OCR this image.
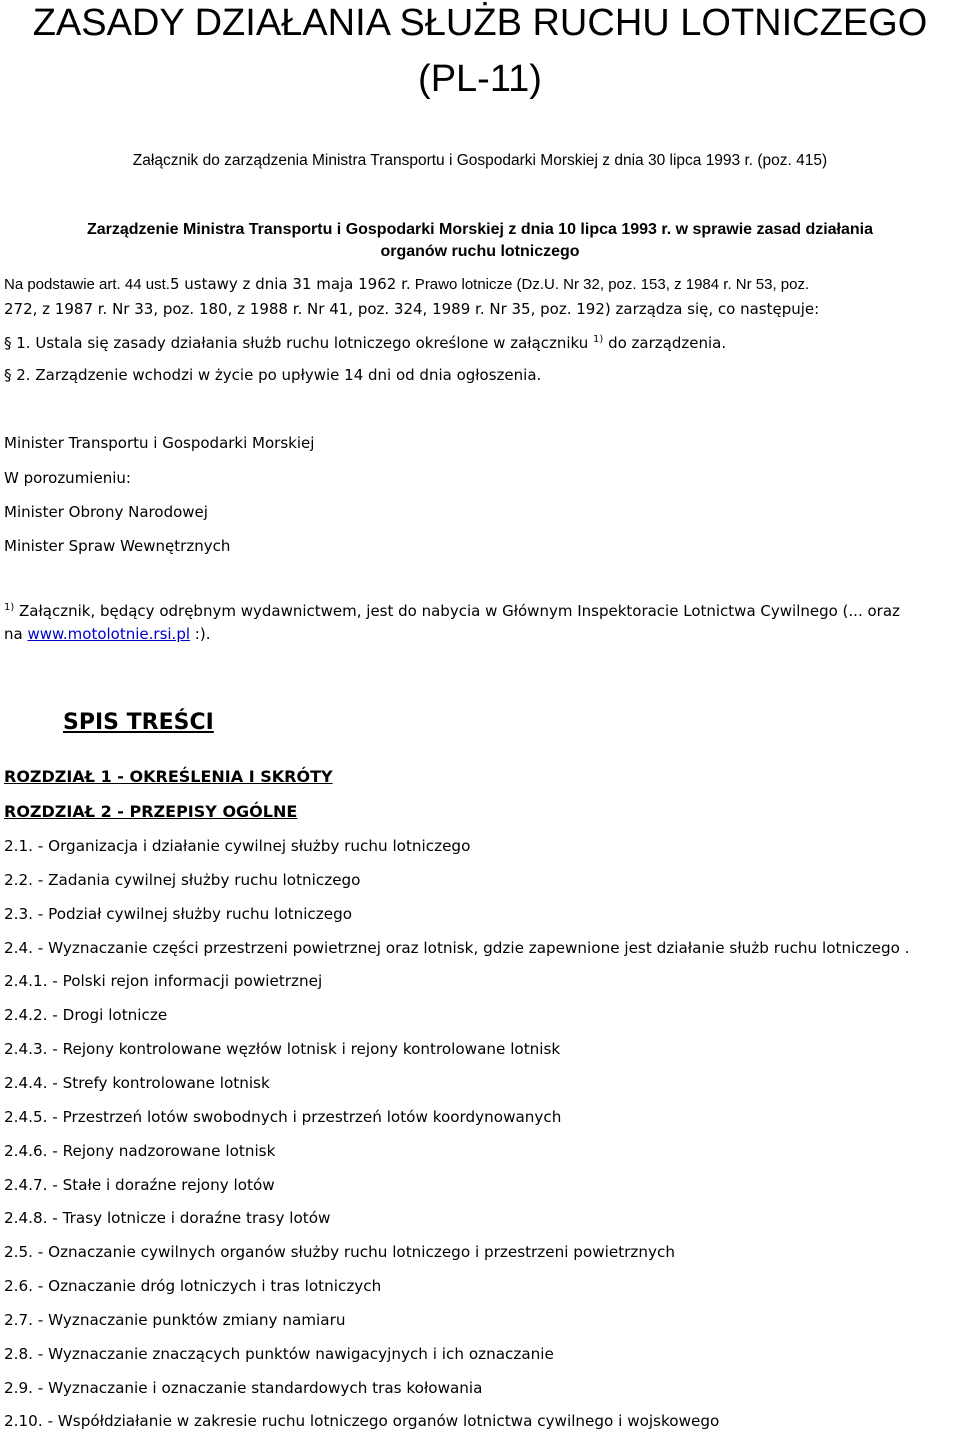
ZASADY DZIAŁANIA SŁUŻB RUCHU LOTNICZEGO
(PL-11)
Załącznik do zarządzenia Ministra Transportu i Gospodarki Morskiej z dnia 30 lipca 1993 r. (poz. 415)
Zarządzenie Ministra Transportu i Gospodarki Morskiej z dnia 10 lipca 1993 r. w sprawie zasad działania
organów ruchu lotniczego
Na podstawie art. 44 ust.5 ustawy z dnia 31 maja 1962 r. Prawo lotnicze (Dz.U. Nr 32, poz. 153, z 1984 r. Nr 53, poz.
272, z 1987 r. Nr 33, poz. 180, z 1988 r. Nr 41, poz. 324, 1989 r. Nr 35, poz. 192) zarządza się, co następuje:
§ 1. Ustala się zasady działania służb ruchu lotniczego określone w załączniku $^{1)}$ do zarządzenia.
§ 2. Zarządzenie wchodzi w życie po upływie 14 dni od dnia ogłoszenia.
Minister Transportu i Gospodarki Morskiej
W porozumieniu:
Minister Obrony Narodowej
Minister Spraw Wewnętrznych
$^{1)}$ Załącznik, będący odrębnym wydawnictwem, jest do nabycia w Głównym Inspektoracie Lotnictwa Cywilnego (... oraz
na www.motolotnie.rsi.pl :).
SPIS TREŚCI
ROZDZIAŁ 1 - OKREŚLENIA I SKRÓTY
ROZDZIAŁ 2 - PRZEPISY OGÓLNE
2.1. - Organizacja i działanie cywilnej służby ruchu lotniczego
2.2. - Zadania cywilnej służby ruchu lotniczego
2.3. - Podział cywilnej służby ruchu lotniczego
2.4. - Wyznaczanie części przestrzeni powietrznej oraz lotnisk, gdzie zapewnione jest działanie służb ruchu lotniczego .
2.4.1. - Polski rejon informacji powietrznej
2.4.2. - Drogi lotnicze
2.4.3. - Rejony kontrolowane węzłów lotnisk i rejony kontrolowane lotnisk
2.4.4. - Strefy kontrolowane lotnisk
2.4.5. - Przestrzeń lotów swobodnych i przestrzeń lotów koordynowanych
2.4.6. - Rejony nadzorowane lotnisk
2.4.7. - Stałe i doraźne rejony lotów
2.4.8. - Trasy lotnicze i doraźne trasy lotów
2.5. - Oznaczanie cywilnych organów służby ruchu lotniczego i przestrzeni powietrznych
2.6. - Oznaczanie dróg lotniczych i tras lotniczych
2.7. - Wyznaczanie punktów zmiany namiaru
2.8. - Wyznaczanie znaczących punktów nawigacyjnych i ich oznaczanie
2.9. - Wyznaczanie i oznaczanie standardowych tras kołowania
2.10. - Współdziałanie w zakresie ruchu lotniczego organów lotnictwa cywilnego i wojskowego
